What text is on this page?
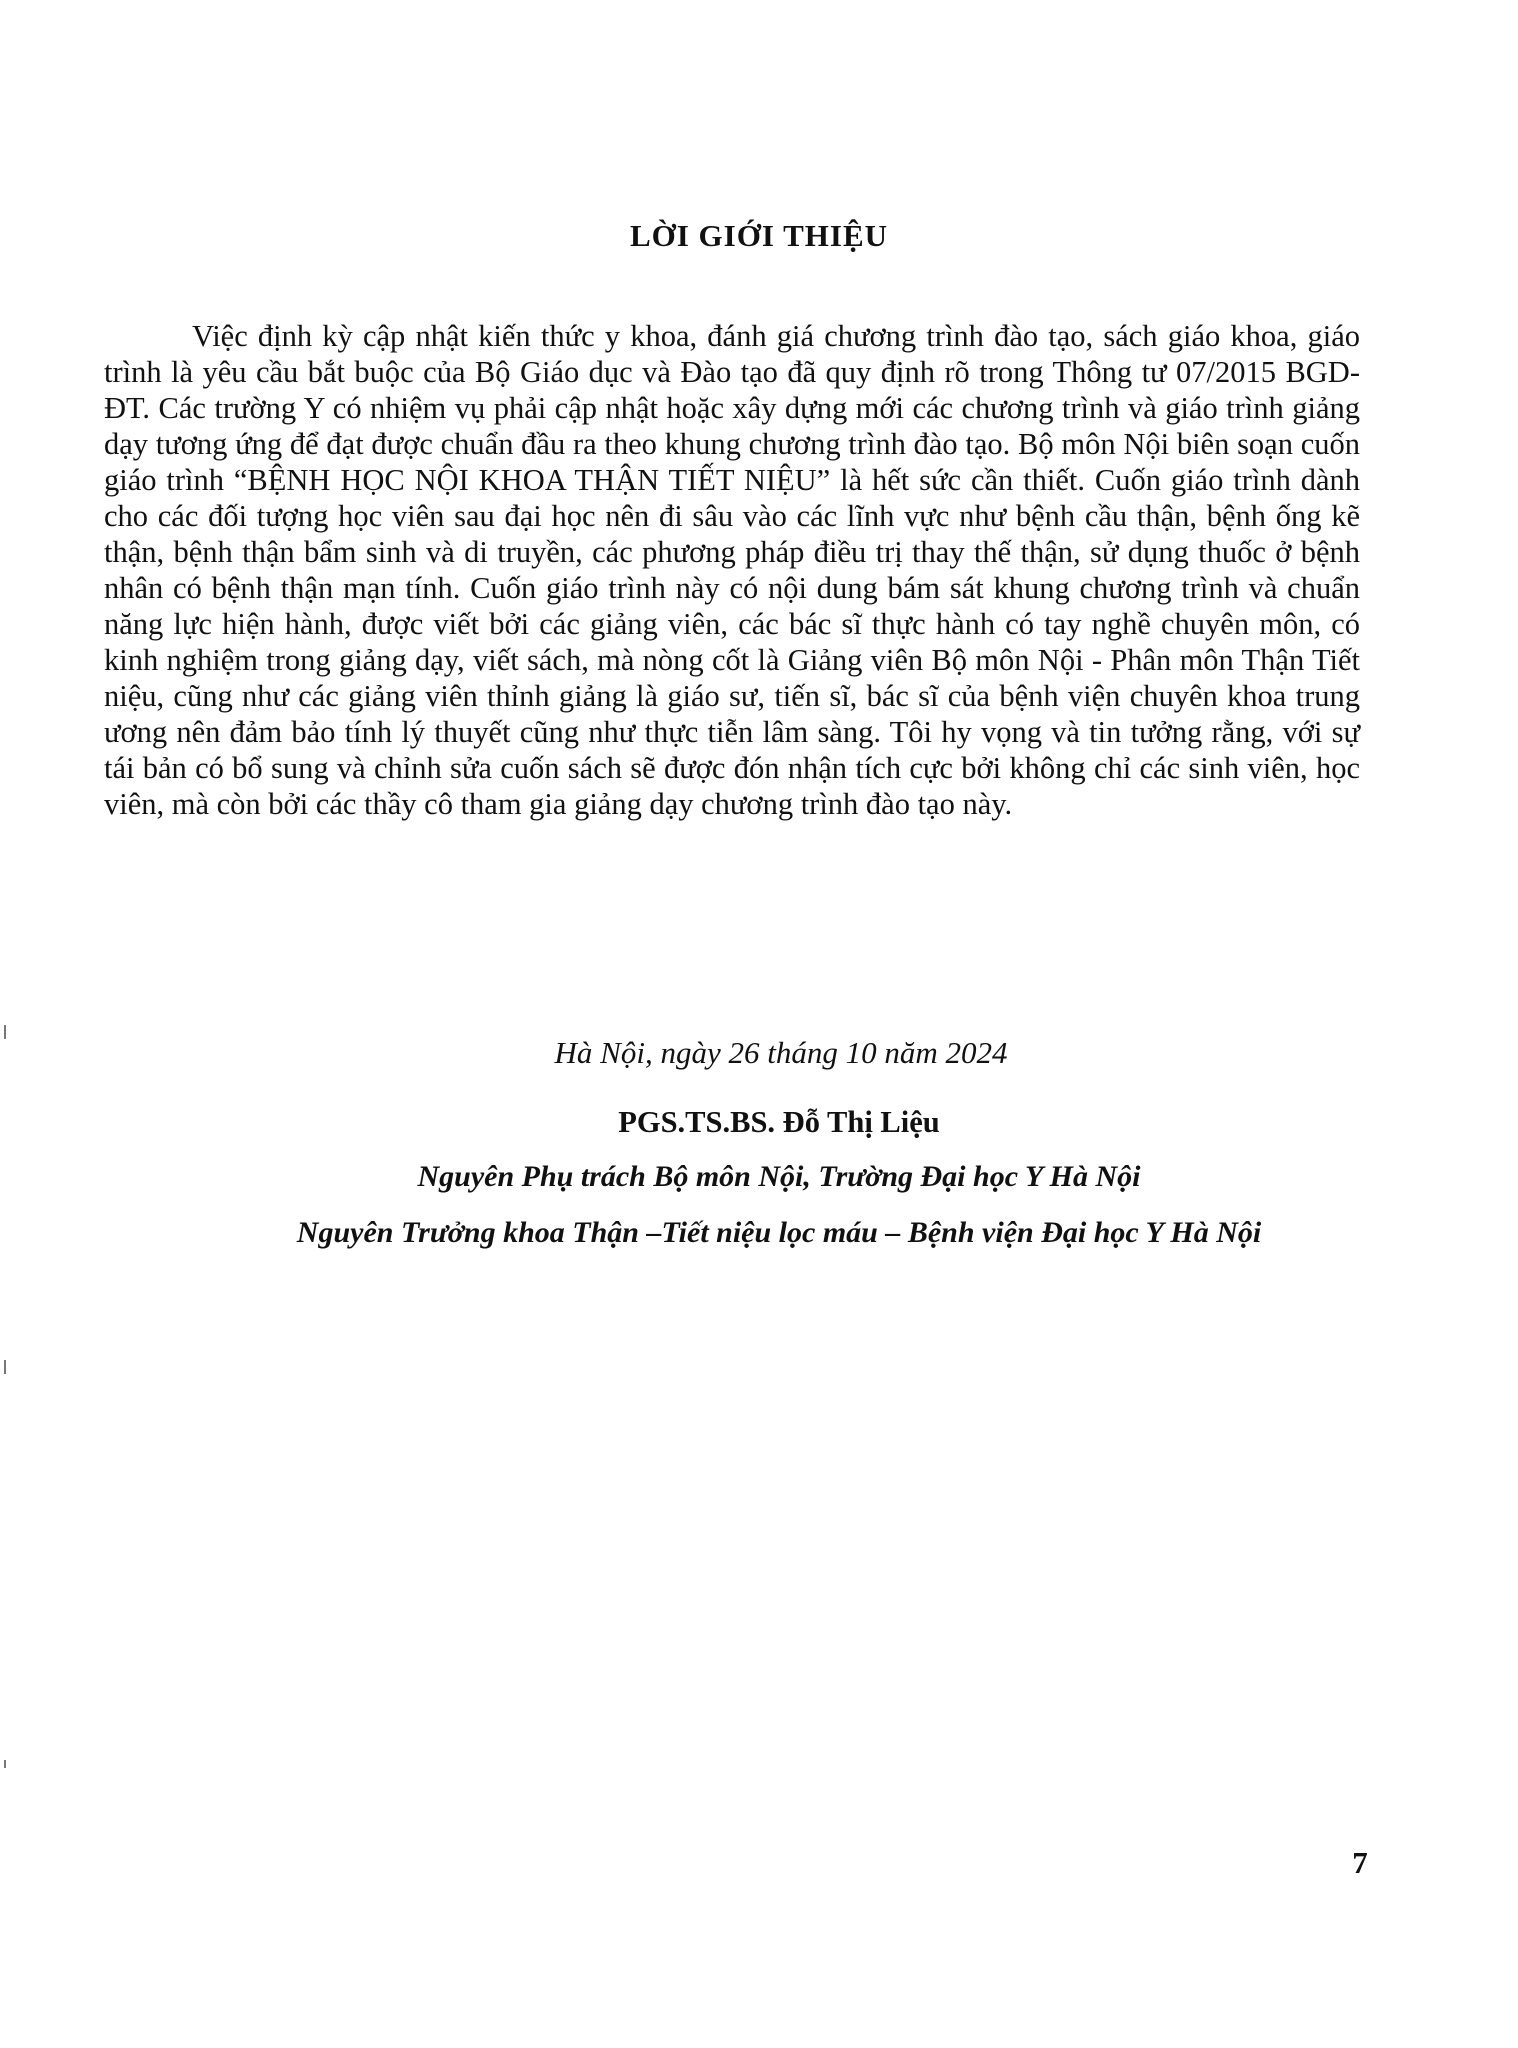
LỜI GIỚI THIỆU

Việc định kỳ cập nhật kiến thức y khoa, đánh giá chương trình đào tạo, sách giáo khoa, giáo trình là yêu cầu bắt buộc của Bộ Giáo dục và Đào tạo đã quy định rõ trong Thông tư 07/2015 BGD-ĐT. Các trường Y có nhiệm vụ phải cập nhật hoặc xây dựng mới các chương trình và giáo trình giảng dạy tương ứng để đạt được chuẩn đầu ra theo khung chương trình đào tạo. Bộ môn Nội biên soạn cuốn giáo trình “BỆNH HỌC NỘI KHOA THẬN TIẾT NIỆU” là hết sức cần thiết. Cuốn giáo trình dành cho các đối tượng học viên sau đại học nên đi sâu vào các lĩnh vực như bệnh cầu thận, bệnh ống kẽ thận, bệnh thận bẩm sinh và di truyền, các phương pháp điều trị thay thế thận, sử dụng thuốc ở bệnh nhân có bệnh thận mạn tính. Cuốn giáo trình này có nội dung bám sát khung chương trình và chuẩn năng lực hiện hành, được viết bởi các giảng viên, các bác sĩ thực hành có tay nghề chuyên môn, có kinh nghiệm trong giảng dạy, viết sách, mà nòng cốt là Giảng viên Bộ môn Nội - Phân môn Thận Tiết niệu, cũng như các giảng viên thỉnh giảng là giáo sư, tiến sĩ, bác sĩ của bệnh viện chuyên khoa trung ương nên đảm bảo tính lý thuyết cũng như thực tiễn lâm sàng. Tôi hy vọng và tin tưởng rằng, với sự tái bản có bổ sung và chỉnh sửa cuốn sách sẽ được đón nhận tích cực bởi không chỉ các sinh viên, học viên, mà còn bởi các thầy cô tham gia giảng dạy chương trình đào tạo này.

Hà Nội, ngày 26 tháng 10 năm 2024
PGS.TS.BS. Đỗ Thị Liệu
Nguyên Phụ trách Bộ môn Nội, Trường Đại học Y Hà Nội
Nguyên Trưởng khoa Thận –Tiết niệu lọc máu – Bệnh viện Đại học Y Hà Nội
7
